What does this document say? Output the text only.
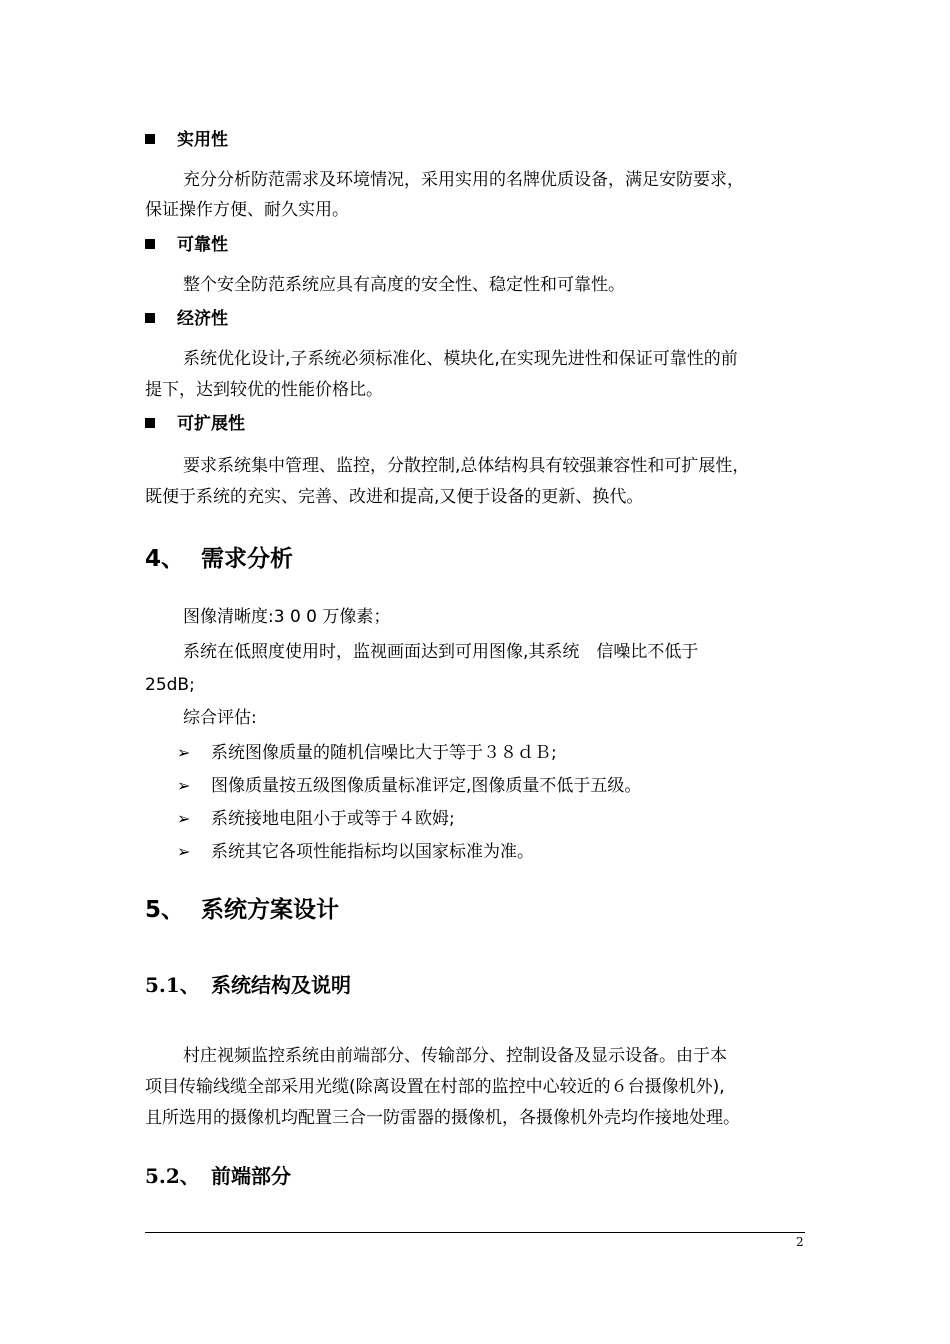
实用性
充分分析防范需求及环境情况，采用实用的名牌优质设备，满足安防要求，
保证操作方便、耐久实用。
可靠性
整个安全防范系统应具有高度的安全性、稳定性和可靠性。
经济性
系统优化设计,子系统必须标准化、模块化,在实现先进性和保证可靠性的前
提下，达到较优的性能价格比。
可扩展性
要求系统集中管理、监控，分散控制,总体结构具有较强兼容性和可扩展性，
既便于系统的充实、完善、改进和提高,又便于设备的更新、换代。
4、 需求分析
图像清晰度:3 0 0 万像素；
系统在低照度使用时，监视画面达到可用图像,其系统　信噪比不低于
25dB;
综合评估:
➢ 系统图像质量的随机信噪比大于等于３８ｄＢ;
➢ 图像质量按五级图像质量标准评定,图像质量不低于五级。
➢ 系统接地电阻小于或等于４欧姆;
➢ 系统其它各项性能指标均以国家标准为准。
5、 系统方案设计
5.1、 系统结构及说明
村庄视频监控系统由前端部分、传输部分、控制设备及显示设备。由于本
项目传输线缆全部采用光缆(除离设置在村部的监控中心较近的６台摄像机外),
且所选用的摄像机均配置三合一防雷器的摄像机，各摄像机外壳均作接地处理。
5.2、 前端部分
2
